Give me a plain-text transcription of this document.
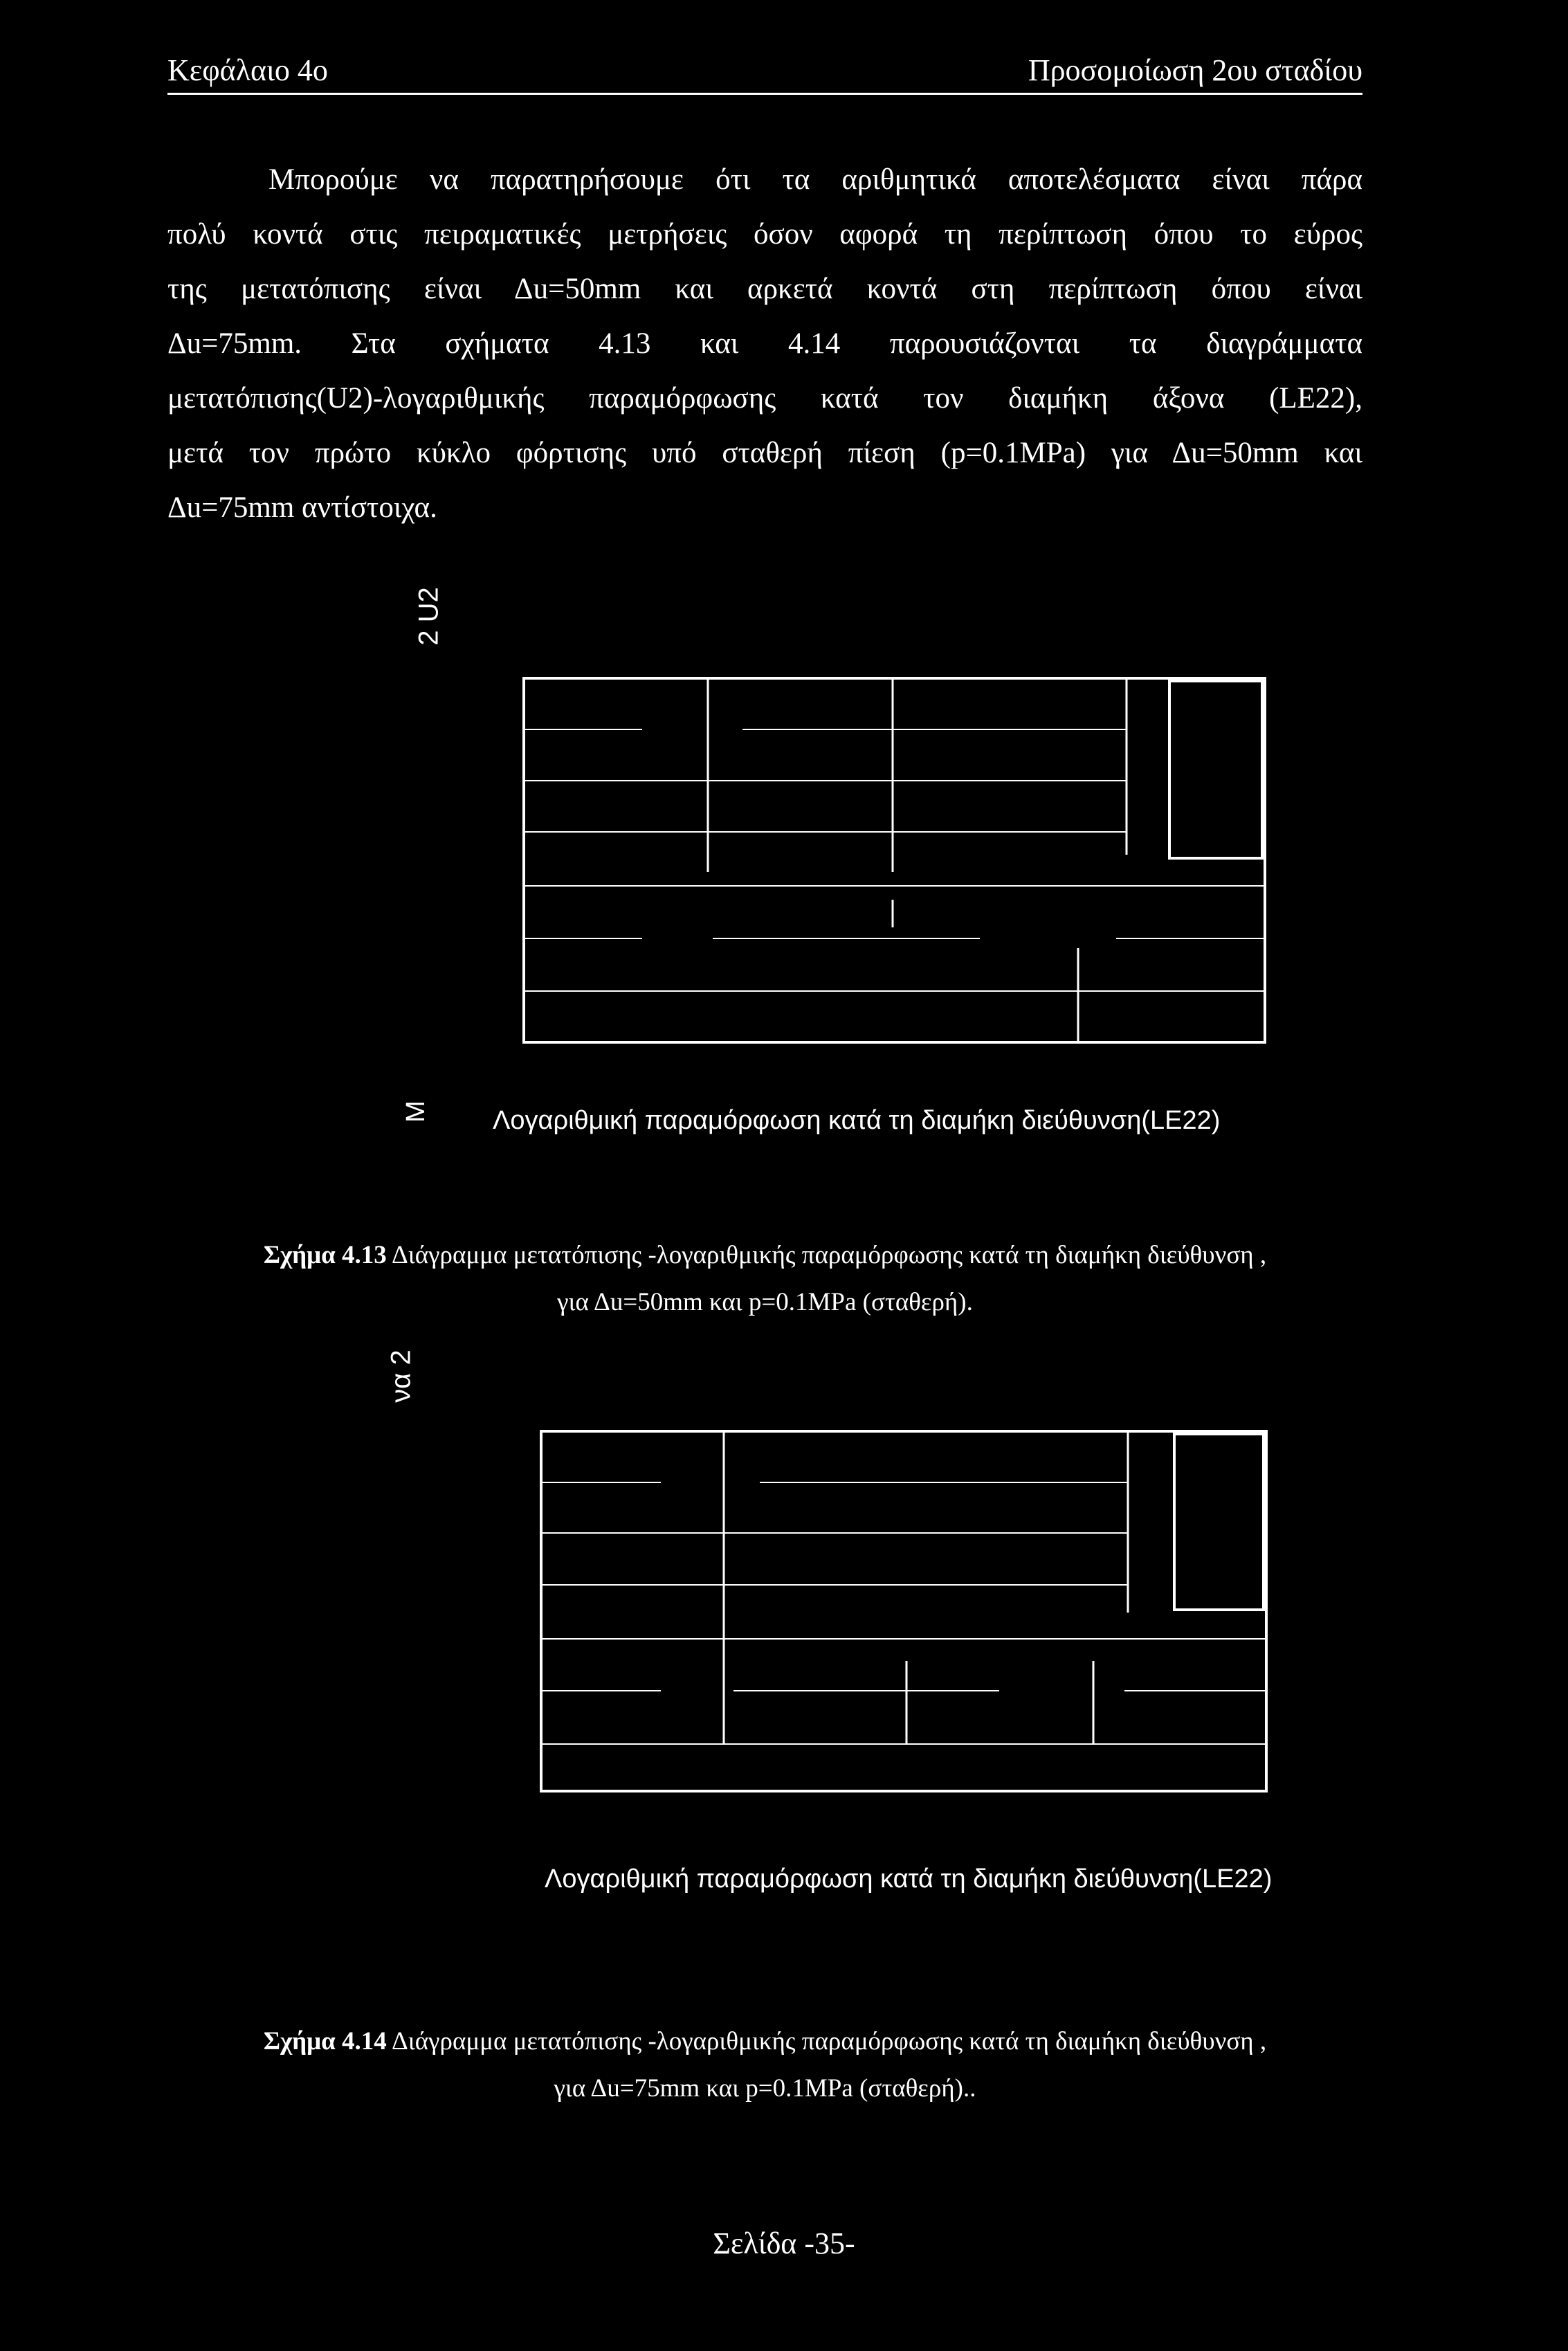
Κεφάλαιο 4ο	Προσομοίωση 2ου σταδίου
Μπορούμε να παρατηρήσουμε ότι τα αριθμητικά αποτελέσματα είναι πάρα
πολύ κοντά στις πειραματικές μετρήσεις όσον αφορά τη περίπτωση όπου το εύρος
της μετατόπισης είναι Δu=50mm και αρκετά κοντά στη περίπτωση όπου είναι
Δu=75mm. Στα σχήματα 4.13 και 4.14 παρουσιάζονται τα διαγράμματα
μετατόπισης(U2)-λογαριθμικής παραμόρφωσης κατά τον διαμήκη άξονα (LE22),
μετά τον πρώτο κύκλο φόρτισης υπό σταθερή πίεση (p=0.1MPa) για Δu=50mm και
Δu=75mm αντίστοιχα.
2 U2
M Λογαριθμική παραμόρφωση κατά τη διαμήκη διεύθυνση(LE22)
Σχήμα 4.13 Διάγραμμα μετατόπισης -λογαριθμικής παραμόρφωσης κατά τη διαμήκη διεύθυνση ,
για Δu=50mm και p=0.1MPa (σταθερή).
να 2
Λογαριθμική παραμόρφωση κατά τη διαμήκη διεύθυνση(LE22)
Σχήμα 4.14 Διάγραμμα μετατόπισης -λογαριθμικής παραμόρφωσης κατά τη διαμήκη διεύθυνση ,
για Δu=75mm και p=0.1MPa (σταθερή)..
Σελίδα -35-
